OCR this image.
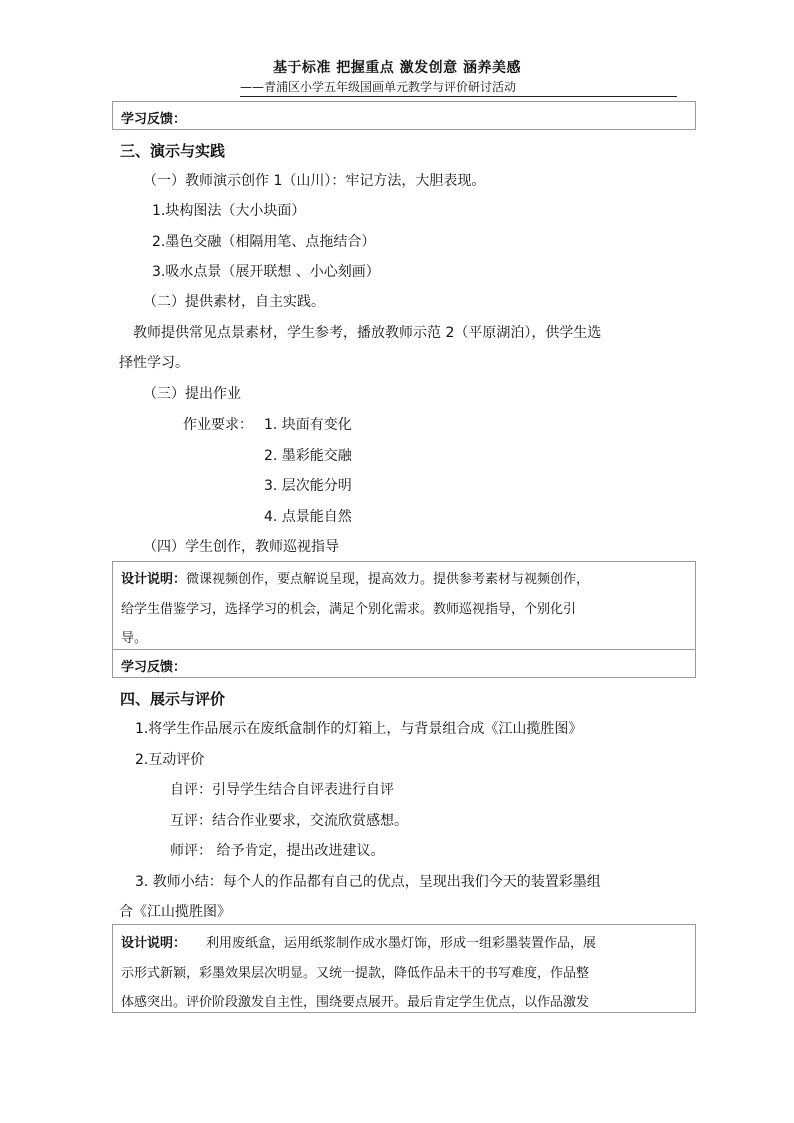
基于标准 把握重点 激发创意 涵养美感
——青浦区小学五年级国画单元教学与评价研讨活动
学习反馈：
三、演示与实践
（一）教师演示创作 1（山川）：牢记方法，大胆表现。
1.块构图法（大小块面）
2.墨色交融（相隔用笔、点拖结合）
3.吸水点景（展开联想 、小心刻画）
（二）提供素材，自主实践。
教师提供常见点景素材，学生参考，播放教师示范 2（平原湖泊），供学生选
择性学习。
（三）提出作业
作业要求： 1. 块面有变化
2. 墨彩能交融
3. 层次能分明
4. 点景能自然
（四）学生创作，教师巡视指导
设计说明：微课视频创作，要点解说呈现，提高效力。提供参考素材与视频创作，
给学生借鉴学习，选择学习的机会，满足个别化需求。教师巡视指导，个别化引
导。
学习反馈：
四、展示与评价
1.将学生作品展示在废纸盒制作的灯箱上，与背景组合成《江山揽胜图》
2.互动评价
自评：引导学生结合自评表进行自评
互评：结合作业要求，交流欣赏感想。
师评： 给予肯定，提出改进建议。
3. 教师小结：每个人的作品都有自己的优点，呈现出我们今天的装置彩墨组
合《江山揽胜图》
设计说明： 利用废纸盒，运用纸浆制作成水墨灯饰，形成一组彩墨装置作品，展
示形式新颖，彩墨效果层次明显。又统一提款，降低作品未干的书写难度，作品整
体感突出。评价阶段激发自主性，围绕要点展开。最后肯定学生优点，以作品激发
